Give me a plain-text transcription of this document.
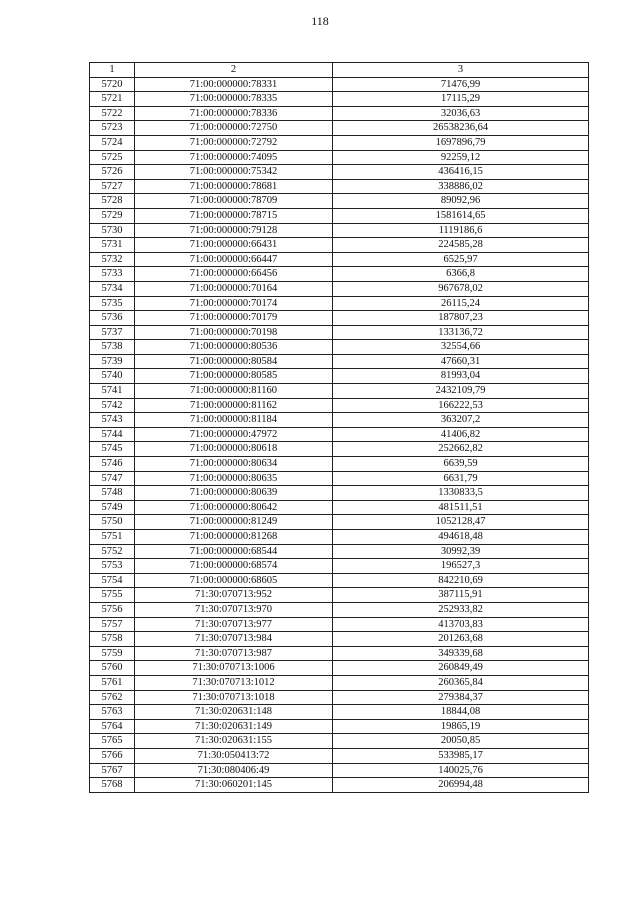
118
1	2	3
5720	71:00:000000:78331	71476,99
5721	71:00:000000:78335	17115,29
5722	71:00:000000:78336	32036,63
5723	71:00:000000:72750	26538236,64
5724	71:00:000000:72792	1697896,79
5725	71:00:000000:74095	92259,12
5726	71:00:000000:75342	436416,15
5727	71:00:000000:78681	338886,02
5728	71:00:000000:78709	89092,96
5729	71:00:000000:78715	1581614,65
5730	71:00:000000:79128	1119186,6
5731	71:00:000000:66431	224585,28
5732	71:00:000000:66447	6525,97
5733	71:00:000000:66456	6366,8
5734	71:00:000000:70164	967678,02
5735	71:00:000000:70174	26115,24
5736	71:00:000000:70179	187807,23
5737	71:00:000000:70198	133136,72
5738	71:00:000000:80536	32554,66
5739	71:00:000000:80584	47660,31
5740	71:00:000000:80585	81993,04
5741	71:00:000000:81160	2432109,79
5742	71:00:000000:81162	166222,53
5743	71:00:000000:81184	363207,2
5744	71:00:000000:47972	41406,82
5745	71:00:000000:80618	252662,82
5746	71:00:000000:80634	6639,59
5747	71:00:000000:80635	6631,79
5748	71:00:000000:80639	1330833,5
5749	71:00:000000:80642	481511,51
5750	71:00:000000:81249	1052128,47
5751	71:00:000000:81268	494618,48
5752	71:00:000000:68544	30992,39
5753	71:00:000000:68574	196527,3
5754	71:00:000000:68605	842210,69
5755	71:30:070713:952	387115,91
5756	71:30:070713:970	252933,82
5757	71:30:070713:977	413703,83
5758	71:30:070713:984	201263,68
5759	71:30:070713:987	349339,68
5760	71:30:070713:1006	260849,49
5761	71:30:070713:1012	260365,84
5762	71:30:070713:1018	279384,37
5763	71:30:020631:148	18844,08
5764	71:30:020631:149	19865,19
5765	71:30:020631:155	20050,85
5766	71:30:050413:72	533985,17
5767	71:30:080406:49	140025,76
5768	71:30:060201:145	206994,48
